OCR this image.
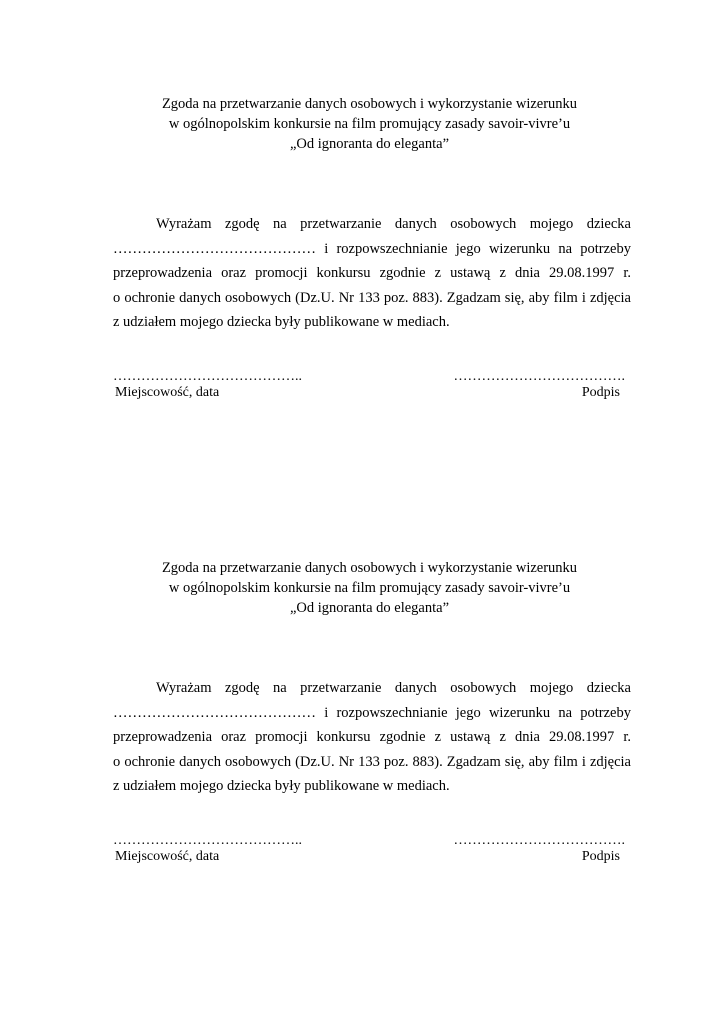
Zgoda na przetwarzanie danych osobowych i wykorzystanie wizerunku
w ogólnopolskim konkursie na film promujący zasady savoir-vivre’u
„Od ignoranta do eleganta”
Wyrażam zgodę na przetwarzanie danych osobowych mojego dziecka
…………………………………… i rozpowszechnianie jego wizerunku na potrzeby
przeprowadzenia oraz promocji konkursu zgodnie z ustawą z dnia 29.08.1997 r.
o ochronie danych osobowych (Dz.U. Nr 133 poz. 883). Zgadzam się, aby film i zdjęcia
z udziałem mojego dziecka były publikowane w mediach.
…………………………………..
Miejscowość, data
……………………………….
Podpis
Zgoda na przetwarzanie danych osobowych i wykorzystanie wizerunku
w ogólnopolskim konkursie na film promujący zasady savoir-vivre’u
„Od ignoranta do eleganta”
Wyrażam zgodę na przetwarzanie danych osobowych mojego dziecka
…………………………………… i rozpowszechnianie jego wizerunku na potrzeby
przeprowadzenia oraz promocji konkursu zgodnie z ustawą z dnia 29.08.1997 r.
o ochronie danych osobowych (Dz.U. Nr 133 poz. 883). Zgadzam się, aby film i zdjęcia
z udziałem mojego dziecka były publikowane w mediach.
…………………………………..
Miejscowość, data
……………………………….
Podpis
